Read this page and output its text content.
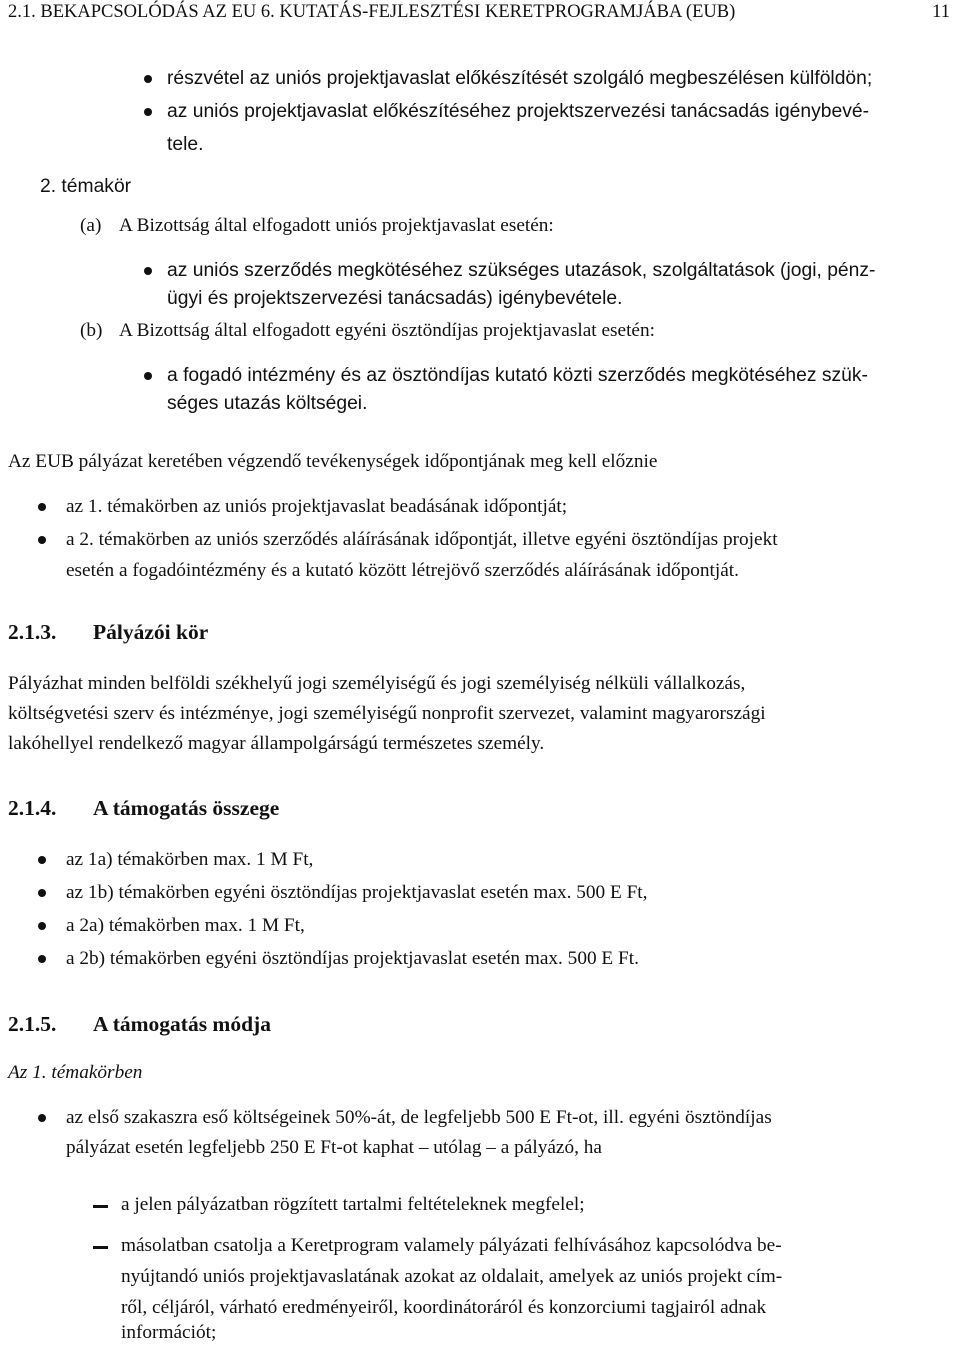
2.1. BEKAPCSOLÓDÁS AZ EU 6. KUTATÁS-FEJLESZTÉSI KERETPROGRAMJÁBA (EUB)	11
részvétel az uniós projektjavaslat előkészítését szolgáló megbeszélésen külföldön;
az uniós projektjavaslat előkészítéséhez projektszervezési tanácsadás igénybevé-
tele.
2. témakör
(a) A Bizottság által elfogadott uniós projektjavaslat esetén:
az uniós szerződés megkötéséhez szükséges utazások, szolgáltatások (jogi, pénz-
ügyi és projektszervezési tanácsadás) igénybevétele.
(b) A Bizottság által elfogadott egyéni ösztöndíjas projektjavaslat esetén:
a fogadó intézmény és az ösztöndíjas kutató közti szerződés megkötéséhez szük-
séges utazás költségei.
Az EUB pályázat keretében végzendő tevékenységek időpontjának meg kell előznie
az 1. témakörben az uniós projektjavaslat beadásának időpontját;
a 2. témakörben az uniós szerződés aláírásának időpontját, illetve egyéni ösztöndíjas projekt
esetén a fogadóintézmény és a kutató között létrejövő szerződés aláírásának időpontját.
2.1.3. Pályázói kör
Pályázhat minden belföldi székhelyű jogi személyiségű és jogi személyiség nélküli vállalkozás,
költségvetési szerv és intézménye, jogi személyiségű nonprofit szervezet, valamint magyarországi
lakóhellyel rendelkező magyar állampolgárságú természetes személy.
2.1.4. A támogatás összege
az 1a) témakörben max. 1 M Ft,
az 1b) témakörben egyéni ösztöndíjas projektjavaslat esetén max. 500 E Ft,
a 2a) témakörben max. 1 M Ft,
a 2b) témakörben egyéni ösztöndíjas projektjavaslat esetén max. 500 E Ft.
2.1.5. A támogatás módja
Az 1. témakörben
az első szakaszra eső költségeinek 50%-át, de legfeljebb 500 E Ft-ot, ill. egyéni ösztöndíjas
pályázat esetén legfeljebb 250 E Ft-ot kaphat – utólag – a pályázó, ha
a jelen pályázatban rögzített tartalmi feltételeknek megfelel;
másolatban csatolja a Keretprogram valamely pályázati felhívásához kapcsolódva be-
nyújtandó uniós projektjavaslatának azokat az oldalait, amelyek az uniós projekt cím-
ről, céljáról, várható eredményeiről, koordinátoráról és konzorciumi tagjairól adnak
információt;
